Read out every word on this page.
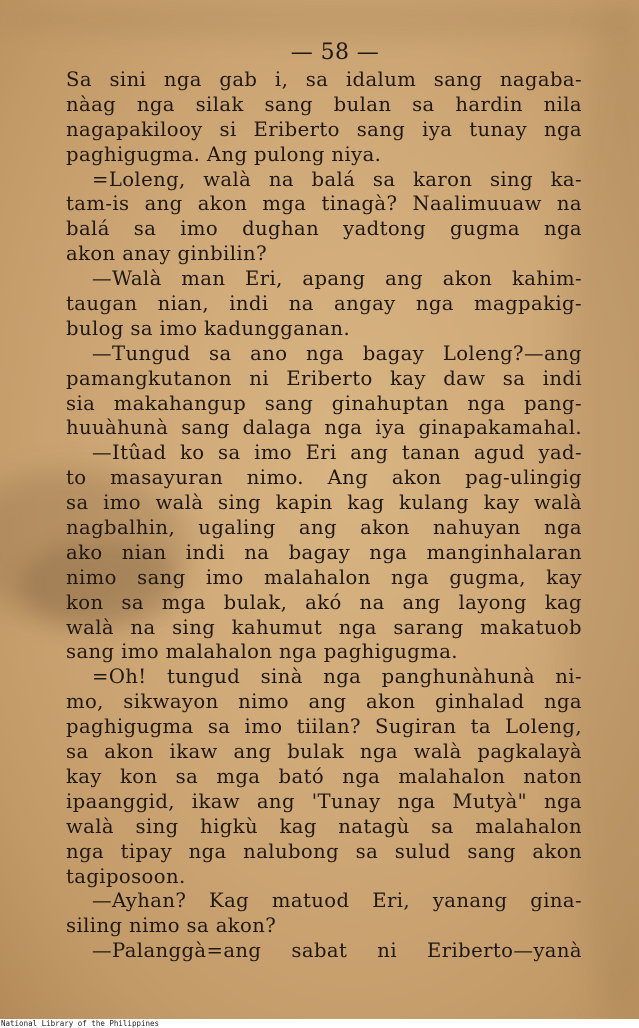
— 58 —
Sa sini nga gab i, sa idalum sang nagaba-
nàag nga silak sang bulan sa hardin nila
nagapakilooy si Eriberto sang iya tunay nga
paghigugma. Ang pulong niya.
=Loleng, walà na balá sa karon sing ka-
tam-is ang akon mga tinagà? Naalimuuaw na
balá sa imo dughan yadtong gugma nga
akon anay ginbilin?
—Walà man Eri, apang ang akon kahim-
taugan nian, indi na angay nga magpakig-
bulog sa imo kadungganan.
—Tungud sa ano nga bagay Loleng?—ang
pamangkutanon ni Eriberto kay daw sa indi
sia makahangup sang ginahuptan nga pang-
huuàhunà sang dalaga nga iya ginapakamahal.
—Itûad ko sa imo Eri ang tanan agud yad-
to masayuran nimo. Ang akon pag-ulingig
sa imo walà sing kapin kag kulang kay walà
nagbalhin, ugaling ang akon nahuyan nga
ako nian indi na bagay nga manginhalaran
nimo sang imo malahalon nga gugma, kay
kon sa mga bulak, akó na ang layong kag
walà na sing kahumut nga sarang makatuob
sang imo malahalon nga paghigugma.
=Oh! tungud sinà nga panghunàhunà ni-
mo, sikwayon nimo ang akon ginhalad nga
paghigugma sa imo tiilan? Sugiran ta Loleng,
sa akon ikaw ang bulak nga walà pagkalayà
kay kon sa mga bató nga malahalon naton
ipaanggid, ikaw ang 'Tunay nga Mutyà" nga
walà sing higkù kag natagù sa malahalon
nga tipay nga nalubong sa sulud sang akon
tagiposoon.
—Ayhan? Kag matuod Eri, yanang gina-
siling nimo sa akon?
—Palanggà=ang sabat ni Eriberto—yanà
National Library of the Philippines
